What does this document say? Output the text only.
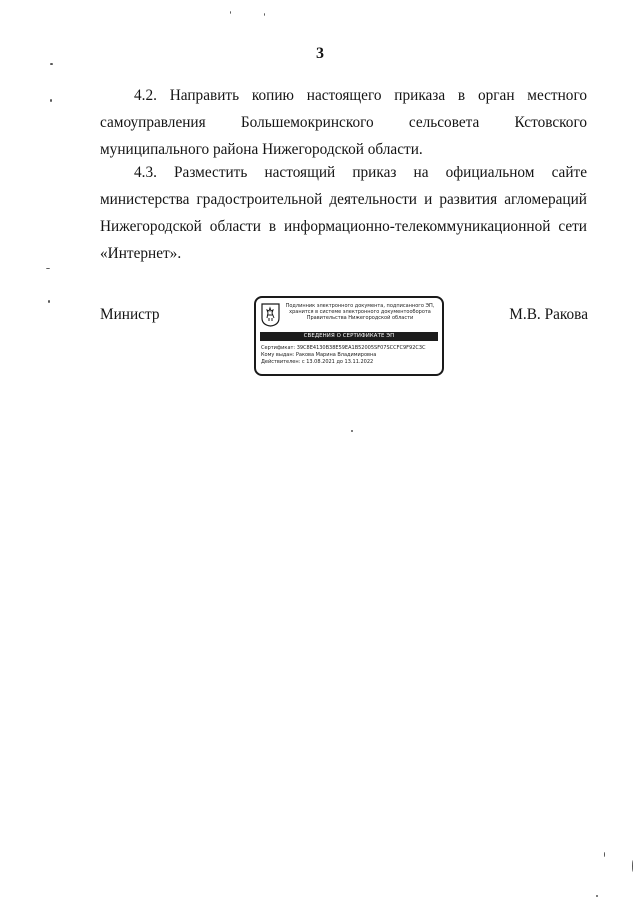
3

4.2. Направить копию настоящего приказа в орган местного самоуправления Большемокринского сельсовета Кстовского муниципального района Нижегородской области.

4.3. Разместить настоящий приказ на официальном сайте министерства градостроительной деятельности и развития агломераций Нижегородской области в информационно-телекоммуникационной сети «Интернет».

Министр	Подлинник электронного документа, подписанного ЭП,
хранится в системе электронного документооборота
Правительства Нижегородской области
СВЕДЕНИЯ О СЕРТИФИКАТЕ ЭП
Сертификат: 39C8E4130B38E59EA1B52005SF07SCCFC9F92C3C
Кому выдан: Ракова Марина Владимировна
Действителен: с 13.08.2021 до 13.11.2022
М.В. Ракова
